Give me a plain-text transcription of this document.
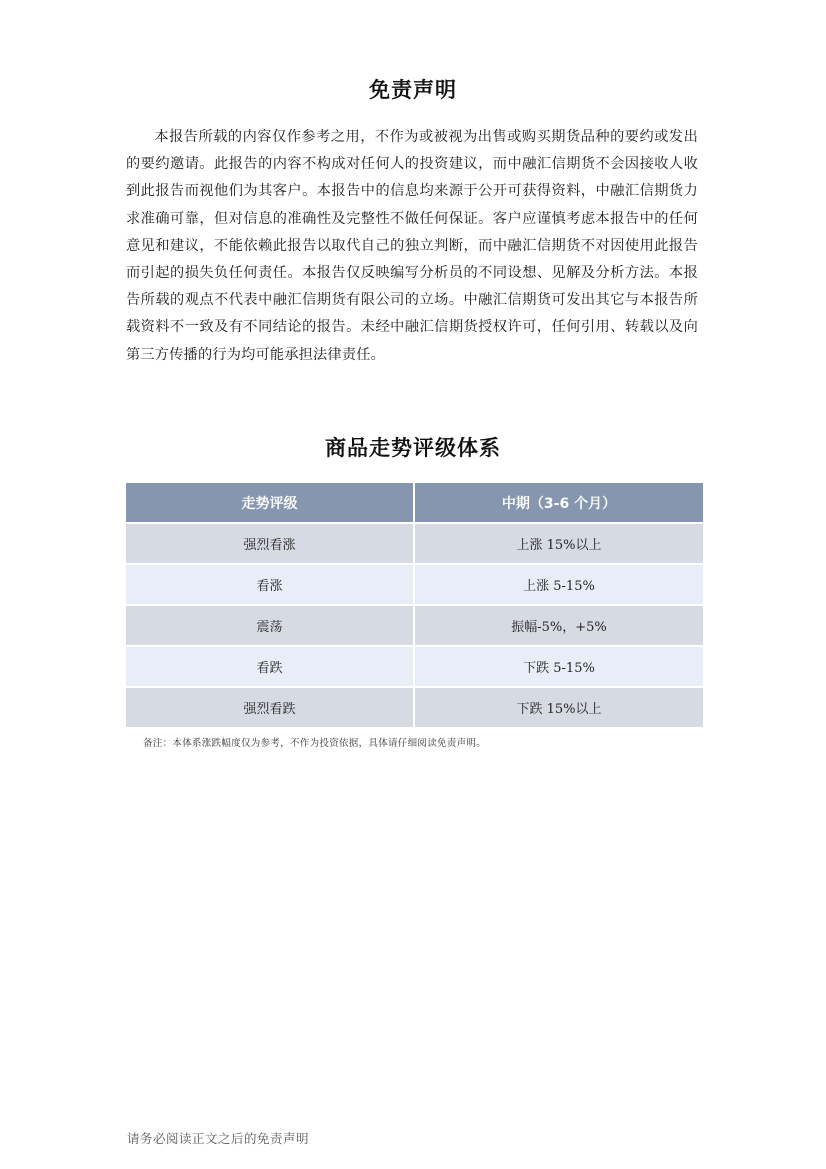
免责声明

本报告所载的内容仅作参考之用，不作为或被视为出售或购买期货品种的要约或发出的要约邀请。此报告的内容不构成对任何人的投资建议，而中融汇信期货不会因接收人收到此报告而视他们为其客户。本报告中的信息均来源于公开可获得资料，中融汇信期货力求准确可靠，但对信息的准确性及完整性不做任何保证。客户应谨慎考虑本报告中的任何意见和建议，不能依赖此报告以取代自己的独立判断，而中融汇信期货不对因使用此报告而引起的损失负任何责任。本报告仅反映编写分析员的不同设想、见解及分析方法。本报告所载的观点不代表中融汇信期货有限公司的立场。中融汇信期货可发出其它与本报告所载资料不一致及有不同结论的报告。未经中融汇信期货授权许可，任何引用、转载以及向第三方传播的行为均可能承担法律责任。

商品走势评级体系
走势评级	中期（3-6 个月）
强烈看涨	上涨 15%以上
看涨	上涨 5-15%
震荡	振幅-5%，+5%
看跌	下跌 5-15%
强烈看跌	下跌 15%以上
备注：本体系涨跌幅度仅为参考，不作为投资依据，具体请仔细阅读免责声明。
请务必阅读正文之后的免责声明
